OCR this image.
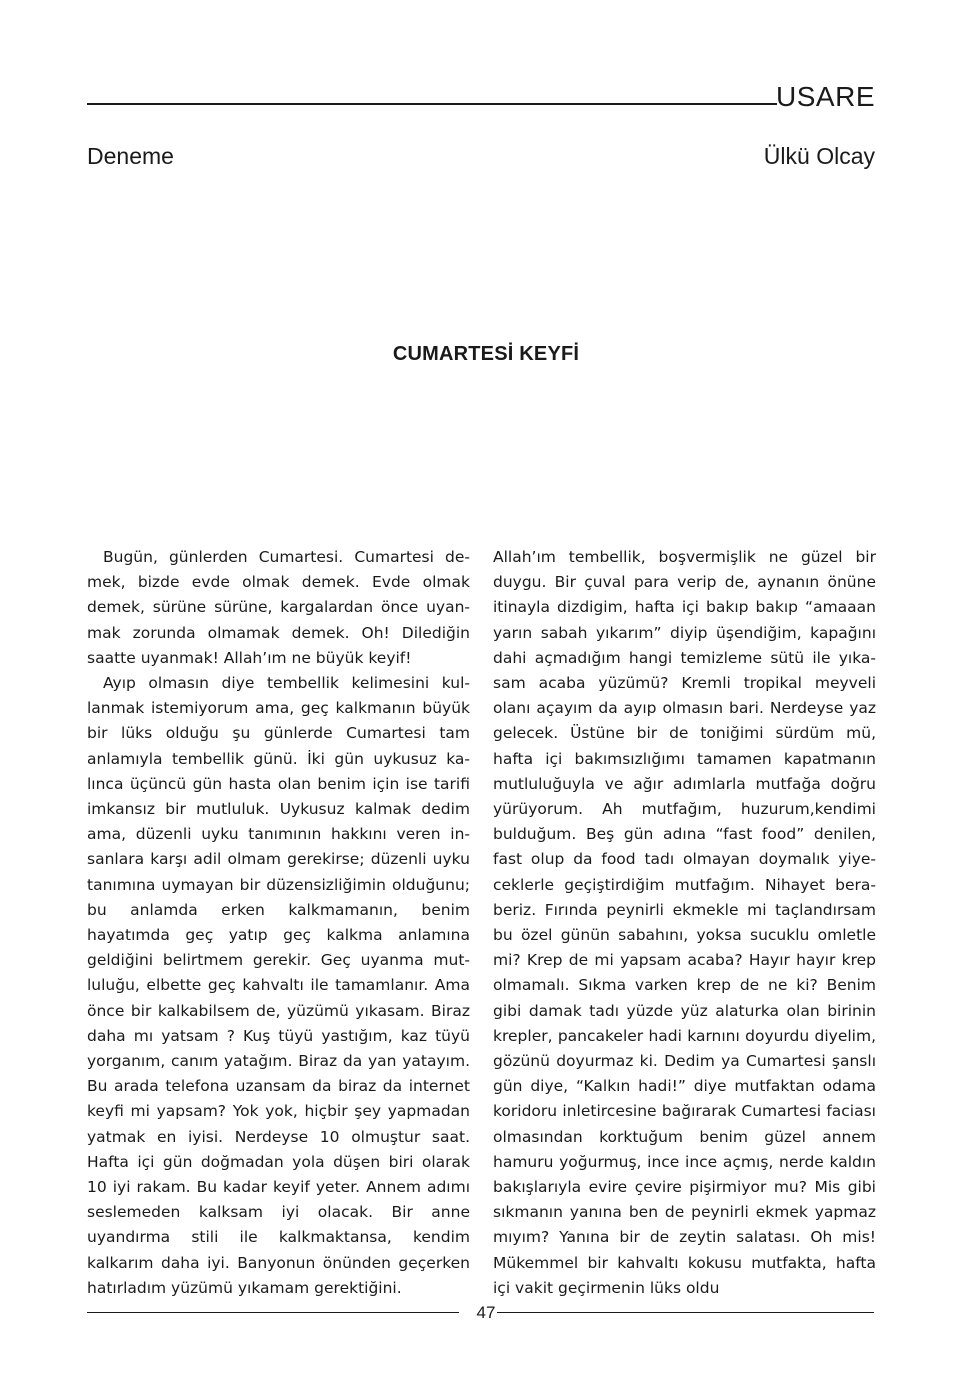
USARE
Deneme	Ülkü Olcay
CUMARTESİ KEYFİ

Bugün, günlerden Cumartesi. Cumartesi demek, bizde evde olmak demek. Evde olmak demek, sürüne sürüne, kargalardan önce uyanmak zorunda olmamak demek. Oh! Dilediğin saatte uyanmak! Allah’ım ne büyük keyif!

Ayıp olmasın diye tembellik kelimesini kullanmak istemiyorum ama, geç kalkmanın büyük bir lüks olduğu şu günlerde Cumartesi tam anlamıyla tembellik günü. İki gün uykusuz kalınca üçüncü gün hasta olan benim için ise tarifi imkansız bir mutluluk. Uykusuz kalmak dedim ama, düzenli uyku tanımının hakkını veren insanlara karşı adil olmam gerekirse; düzenli uyku tanımına uymayan bir düzensizliğimin olduğunu; bu anlamda erken kalkmamanın, benim hayatımda geç yatıp geç kalkma anlamına geldiğini belirtmem gerekir. Geç uyanma mutluluğu, elbette geç kahvaltı ile tamamlanır. Ama önce bir kalkabilsem de, yüzümü yıkasam. Biraz daha mı yatsam ? Kuş tüyü yastığım, kaz tüyü yorganım, canım yatağım. Biraz da yan yatayım. Bu arada telefona uzansam da biraz da internet keyfi mi yapsam? Yok yok, hiçbir şey yapmadan yatmak en iyisi. Nerdeyse 10 olmuştur saat. Hafta içi gün doğmadan yola düşen biri olarak 10 iyi rakam. Bu kadar keyif yeter. Annem adımı seslemeden kalksam iyi olacak. Bir anne uyandırma stili ile kalkmaktansa, kendim kalkarım daha iyi. Banyonun önünden geçerken hatırladım yüzümü yıkamam gerektiğini.

Allah’ım tembellik, boşvermişlik ne güzel bir duygu. Bir çuval para verip de, aynanın önüne itinayla dizdigim, hafta içi bakıp bakıp “amaaan yarın sabah yıkarım” diyip üşendiğim, kapağını dahi açmadığım hangi temizleme sütü ile yıkasam acaba yüzümü? Kremli tropikal meyveli olanı açayım da ayıp olmasın bari. Nerdeyse yaz gelecek. Üstüne bir de toniğimi sürdüm mü, hafta içi bakımsızlığımı tamamen kapatmanın mutluluğuyla ve ağır adımlarla mutfağa doğru yürüyorum. Ah mutfağım, huzurum,kendimi bulduğum. Beş gün adına “fast food” denilen, fast olup da food tadı olmayan doymalık yiyeceklerle geçiştirdiğim mutfağım. Nihayet beraberiz. Fırında peynirli ekmekle mi taçlandırsam bu özel günün sabahını, yoksa sucuklu omletle mi? Krep de mi yapsam acaba? Hayır hayır krep olmamalı. Sıkma varken krep de ne ki? Benim gibi damak tadı yüzde yüz alaturka olan birinin krepler, pancakeler hadi karnını doyurdu diyelim, gözünü doyurmaz ki. Dedim ya Cumartesi şanslı gün diye, “Kalkın hadi!” diye mutfaktan odama koridoru inletircesine bağırarak Cumartesi faciası olmasından korktuğum benim güzel annem hamuru yoğurmuş, ince ince açmış, nerde kaldın bakışlarıyla evire çevire pişirmiyor mu? Mis gibi sıkmanın yanına ben de peynirli ekmek yapmaz mıyım? Yanına bir de zeytin salatası. Oh mis! Mükemmel bir kahvaltı kokusu mutfakta, hafta içi vakit geçirmenin lüks oldu

47
